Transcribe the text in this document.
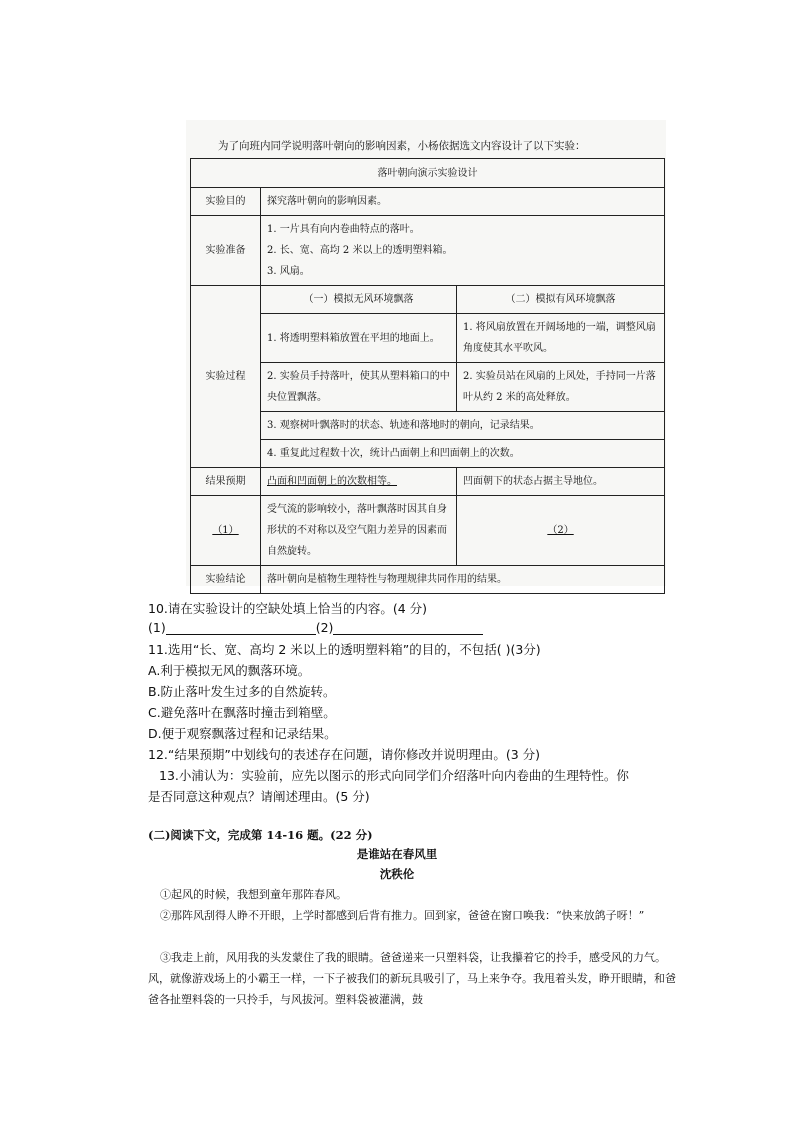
为了向班内同学说明落叶朝向的影响因素，小杨依据选文内容设计了以下实验：
落叶朝向演示实验设计		
实验目的	探究落叶朝向的影响因素。	
实验准备	1. 一片具有向内卷曲特点的落叶。
2. 长、宽、高均 2 米以上的透明塑料箱。
3. 风扇。	

实验过程	（一）模拟无风环境飘落	（二）模拟有风环境飘落
	1. 将透明塑料箱放置在平坦的地面上。	1. 将风扇放置在开阔场地的一端，调整风扇角度使其水平吹风。
	2. 实验员手持落叶，使其从塑料箱口的中央位置飘落。	2. 实验员站在风扇的上风处，手持同一片落叶从约 2 米的高处释放。
	3. 观察树叶飘落时的状态、轨迹和落地时的朝向，记录结果。	
	4. 重复此过程数十次，统计凸面朝上和凹面朝上的次数。	
结果预期	凸面和凹面朝上的次数相等。	凹面朝下的状态占据主导地位。
（1）	受气流的影响较小，落叶飘落时因其自身形状的不对称以及空气阻力差异的因素而自然旋转。	（2）
实验结论	落叶朝向是植物生理特性与物理规律共同作用的结果。	
10.请在实验设计的空缺处填上恰当的内容。(4 分)
(1)	(2)
11.选用“长、宽、高均 2 米以上的透明塑料箱”的目的，不包括( )(3分)
A.利于模拟无风的飘落环境。
B.防止落叶发生过多的自然旋转。
C.避免落叶在飘落时撞击到箱壁。
D.便于观察飘落过程和记录结果。
12.“结果预期”中划线句的表述存在问题，请你修改并说明理由。(3 分)
13.小浦认为：实验前，应先以图示的形式向同学们介绍落叶向内卷曲的生理特性。你
是否同意这种观点？请阐述理由。(5 分)
(二)阅读下文，完成第 14-16 题。(22 分)
是谁站在春风里
沈秩伦
①起风的时候，我想到童年那阵春风。
②那阵风刮得人睁不开眼，上学时都感到后背有推力。回到家，爸爸在窗口唤我：“快来放鸽子呀！”
③我走上前，风用我的头发蒙住了我的眼睛。爸爸递来一只塑料袋，让我攥着它的拎手，感受风的力气。风，就像游戏场上的小霸王一样，一下子被我们的新玩具吸引了，马上来争夺。我甩着头发，睁开眼睛，和爸爸各扯塑料袋的一只拎手，与风拔河。塑料袋被灌满，鼓
